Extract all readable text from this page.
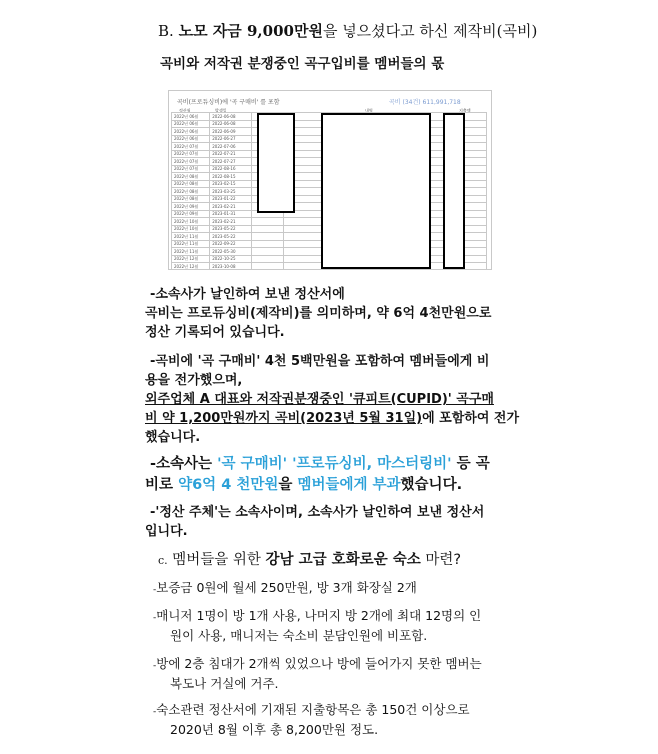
B. 노모 자금 9,000만원을 넣으셨다고 하신 제작비(곡비)
곡비와 저작권 분쟁중인 곡구입비를 멤버들의 몫
곡비(프로듀싱비)에 '곡 구매비' 를 포함	곡비 (34건) 611,991,718
정산월	발생일	내역	지출액
2022년 06월	2022-06-08				
2022년 06월	2022-06-08				
2022년 06월	2022-06-09				
2022년 06월	2022-06-27				
2022년 07월	2022-07-06				
2022년 07월	2022-07-21				
2022년 07월	2022-07-27				
2022년 07월	2022-08-16				
2022년 08월	2022-08-15				
2022년 08월	2023-02-15				
2022년 08월	2023-03-25				
2022년 08월	2023-01-22				
2022년 09월	2023-02-21				
2022년 09월	2023-01-31				
2022년 10월	2023-02-21				
2022년 10월	2023-05-22				
2022년 11월	2023-05-22				
2022년 11월	2022-09-22				
2022년 11월	2022-05-30				
2022년 12월	2022-10-25				
2022년 12월	2023-10-08				

-소속사가 날인하여 보낸 정산서에
곡비는 프로듀싱비(제작비)를 의미하며, 약 6억 4천만원으로
정산 기록되어 있습니다.
-곡비에 '곡 구매비' 4천 5백만원을 포함하여 멤버들에게 비
용을 전가했으며,
외주업체 A 대표와 저작권분쟁중인 '큐피트(CUPID)' 곡구매
비 약 1,200만원까지 곡비(2023년 5월 31일)에 포함하여 전가
했습니다.
-소속사는 '곡 구매비' '프로듀싱비, 마스터링비' 등 곡
비로 약6억 4 천만원을 멤버들에게 부과했습니다.
-'정산 주체'는 소속사이며, 소속사가 날인하여 보낸 정산서
입니다.
c. 멤버들을 위한 강남 고급 호화로운 숙소 마련?
-보증금 0원에 월세 250만원, 방 3개 화장실 2개
-매니저 1명이 방 1개 사용, 나머지 방 2개에 최대 12명의 인
원이 사용, 매니저는 숙소비 분담인원에 비포함.
-방에 2층 침대가 2개씩 있었으나 방에 들어가지 못한 멤버는
복도나 거실에 거주.
-숙소관련 정산서에 기재된 지출항목은 총 150건 이상으로
2020년 8월 이후 총 8,200만원 정도.
